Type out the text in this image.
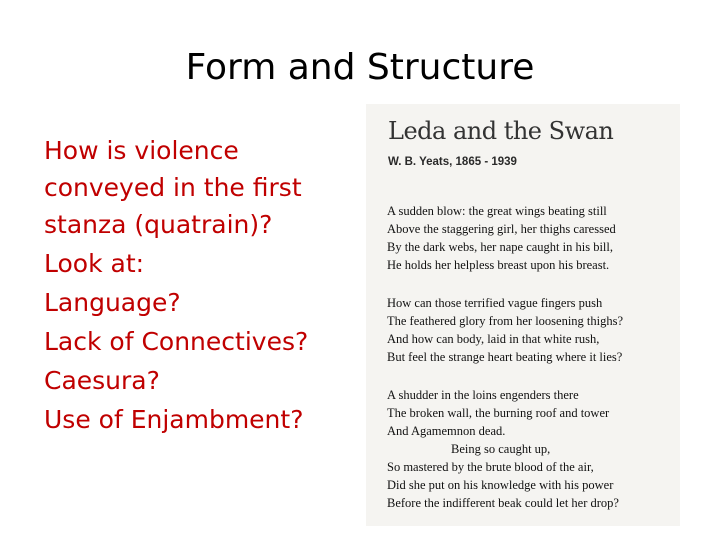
Form and Structure
How is violence conveyed in the first stanza (quatrain)?
Look at:
Language?
Lack of Connectives?
Caesura?
Use of Enjambment?
Leda and the Swan
W. B. Yeats, 1865 - 1939
A sudden blow: the great wings beating still
Above the staggering girl, her thighs caressed
By the dark webs, her nape caught in his bill,
He holds her helpless breast upon his breast.
How can those terrified vague fingers push
The feathered glory from her loosening thighs?
And how can body, laid in that white rush,
But feel the strange heart beating where it lies?
A shudder in the loins engenders there
The broken wall, the burning roof and tower
And Agamemnon dead.
Being so caught up,
So mastered by the brute blood of the air,
Did she put on his knowledge with his power
Before the indifferent beak could let her drop?
